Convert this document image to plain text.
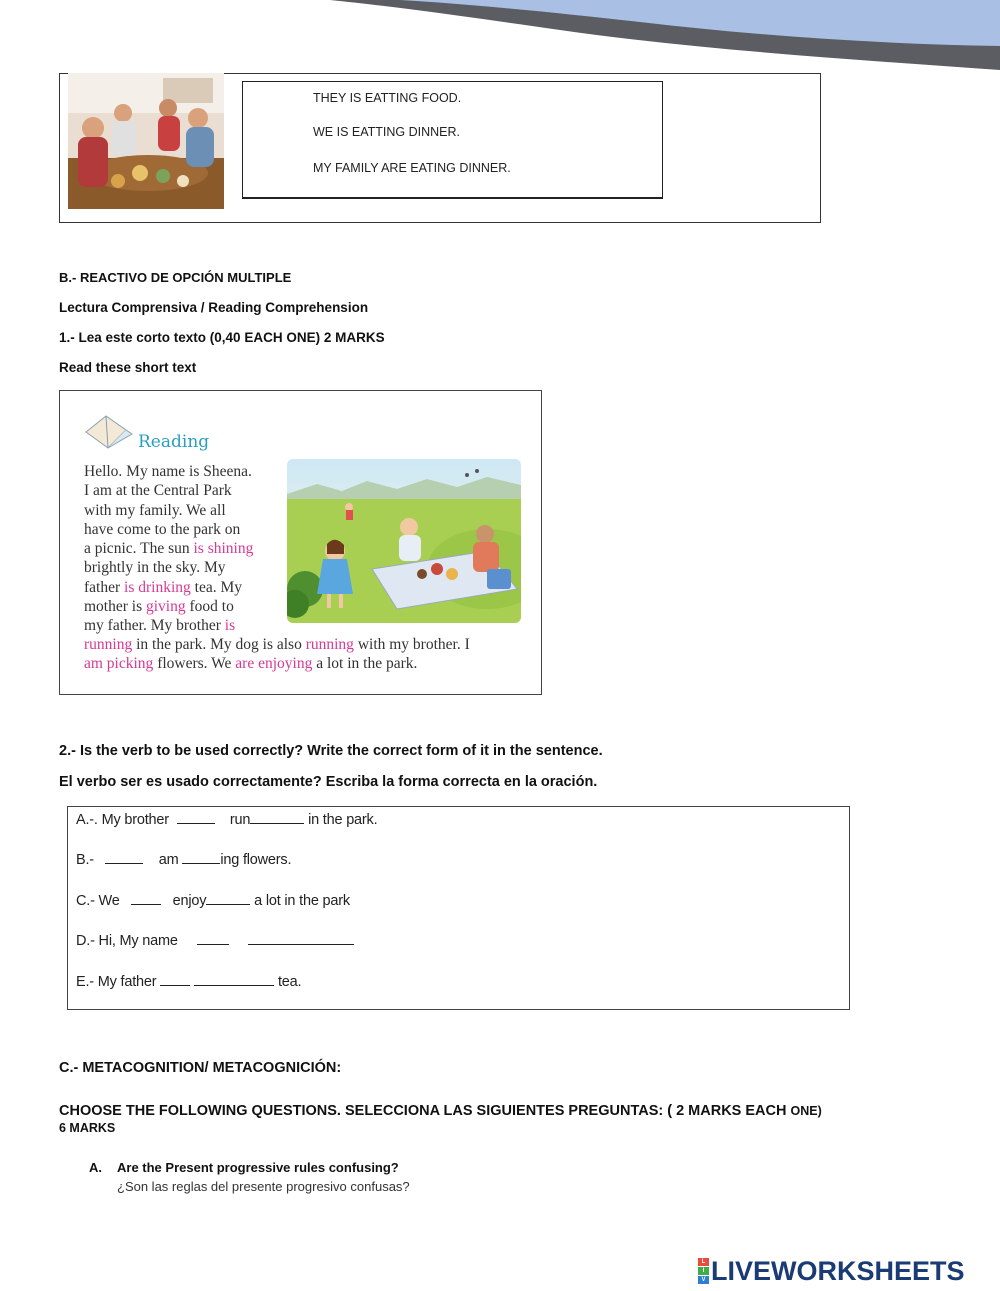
THEY IS EATTING FOOD.
WE IS EATTING DINNER.
MY FAMILY ARE EATING DINNER.
B.- REACTIVO DE OPCIÓN MULTIPLE
Lectura Comprensiva / Reading Comprehension
1.- Lea este corto texto (0,40 EACH ONE) 2 MARKS
Read these short text
Reading
Hello. My name is Sheena.
I am at the Central Park
with my family. We all
have come to the park on
a picnic. The sun is shining
brightly in the sky. My
father is drinking tea. My
mother is giving food to
my father. My brother is
running in the park. My dog is also running with my brother. I
am picking flowers. We are enjoying a lot in the park.
2.- Is the verb to be used correctly? Write the correct form of it in the sentence.
El verbo ser es usado correctamente? Escriba la forma correcta en la oración.
A.-. My brother	run	in the park.
B.-	am	ing flowers.
C.- We	enjoy	a lot in the park
D.- Hi, My name
E.- My father	tea.
C.- METACOGNITION/ METACOGNICIÓN:
CHOOSE THE FOLLOWING QUESTIONS. SELECCIONA LAS SIGUIENTES PREGUNTAS: ( 2 MARKS EACH ONE)
6 MARKS
A. Are the Present progressive rules confusing?
¿Son las reglas del presente progresivo confusas?
L
I
V LIVEWORKSHEETS
